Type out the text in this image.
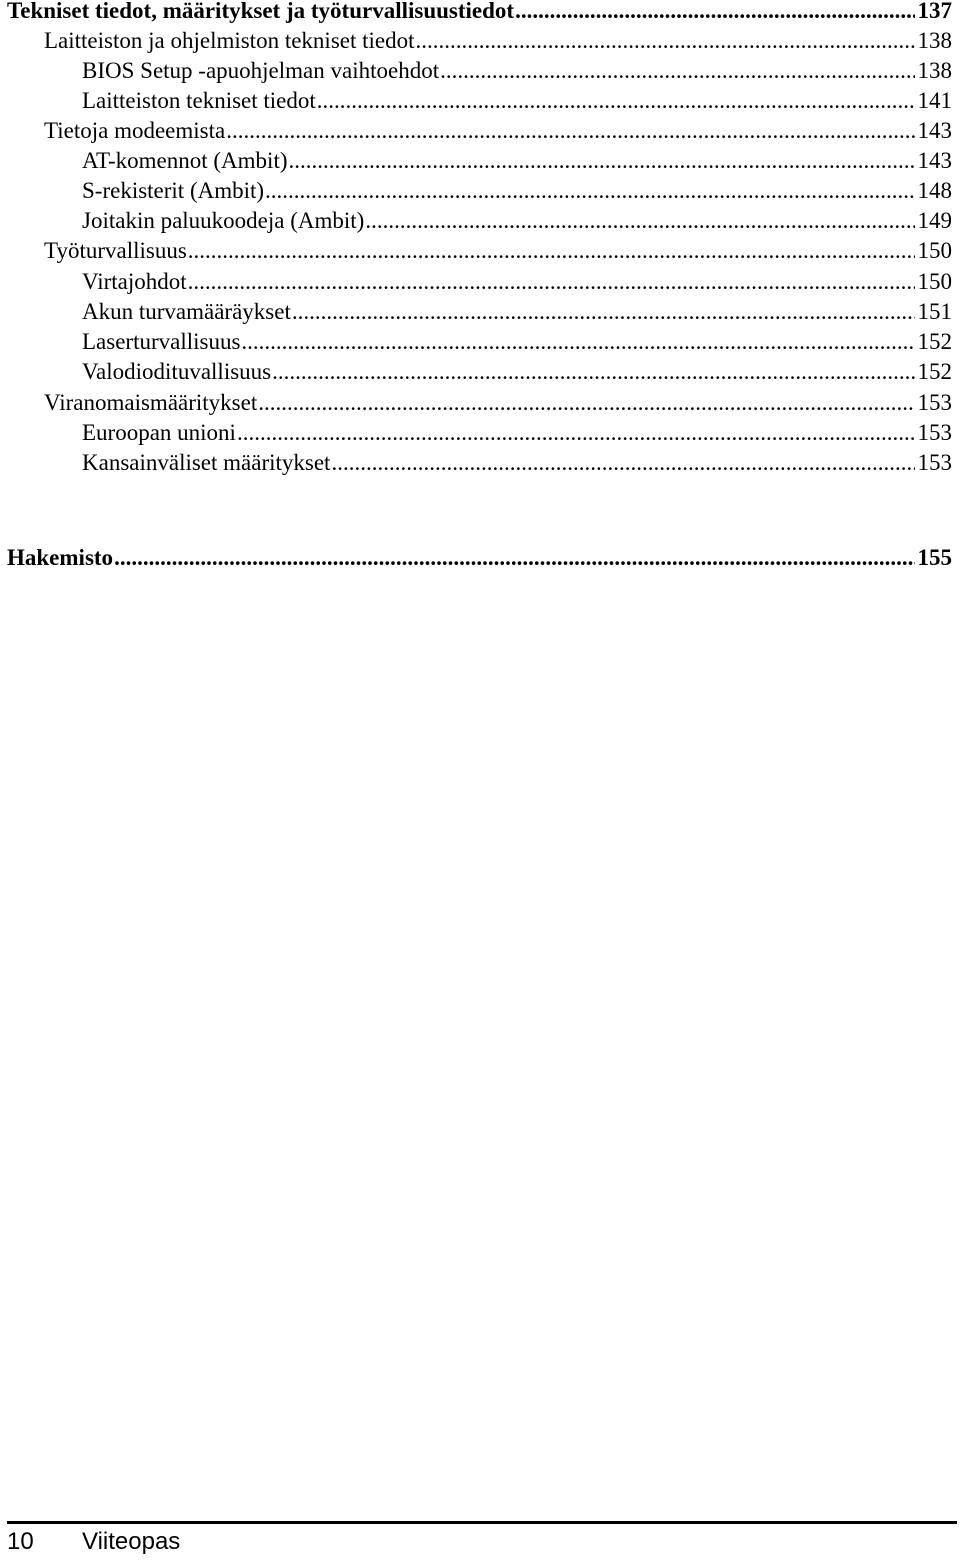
Tekniset tiedot, määritykset ja työturvallisuustiedot .....	137
Laitteiston ja ohjelmiston tekniset tiedot .....	138
BIOS Setup -apuohjelman vaihtoehdot .....	138
Laitteiston tekniset tiedot .....	141
Tietoja modeemista .....	143
AT-komennot (Ambit) .....	143
S-rekisterit (Ambit) .....	148
Joitakin paluukoodeja (Ambit) .....	149
Työturvallisuus .....	150
Virtajohdot .....	150
Akun turvamääräykset .....	151
Laserturvallisuus .....	152
Valodiodituvallisuus .....	152
Viranomaismääritykset .....	153
Euroopan unioni .....	153
Kansainväliset määritykset .....	153
Hakemisto .....	155
10 Viiteopas
